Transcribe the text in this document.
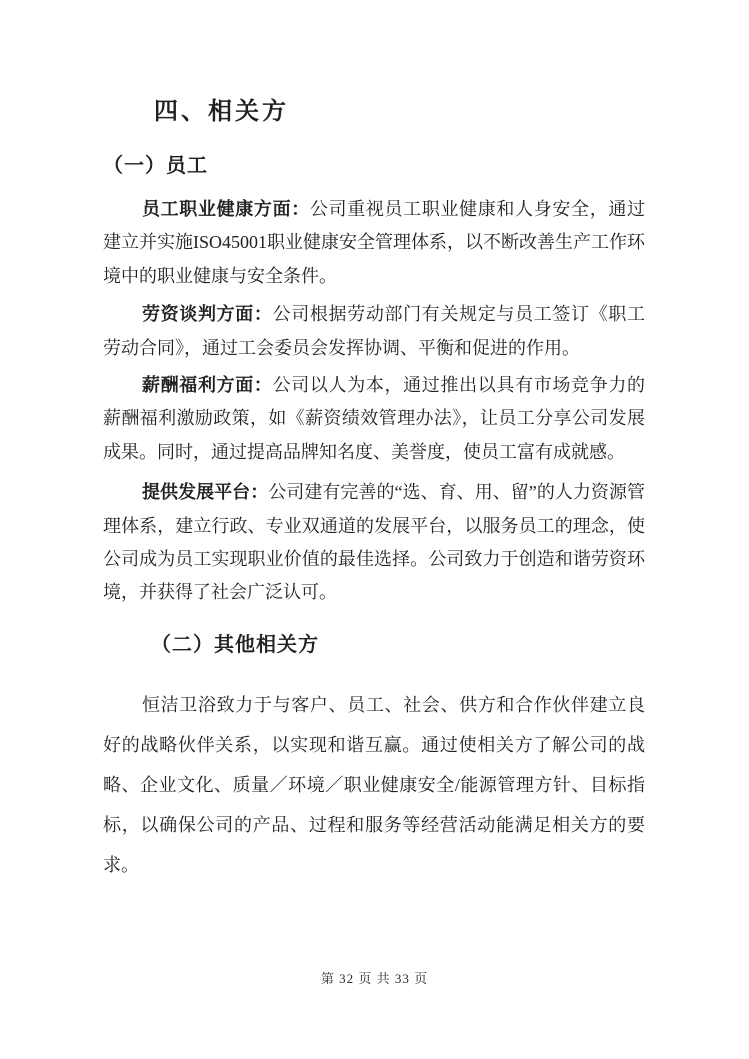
四、相关方
（一）员工

员工职业健康方面：公司重视员工职业健康和人身安全，通过建立并实施ISO45001职业健康安全管理体系，以不断改善生产工作环境中的职业健康与安全条件。

劳资谈判方面：公司根据劳动部门有关规定与员工签订《职工劳动合同》，通过工会委员会发挥协调、平衡和促进的作用。

薪酬福利方面：公司以人为本，通过推出以具有市场竞争力的薪酬福利激励政策，如《薪资绩效管理办法》，让员工分享公司发展成果。同时，通过提高品牌知名度、美誉度，使员工富有成就感。

提供发展平台：公司建有完善的“选、育、用、留”的人力资源管理体系，建立行政、专业双通道的发展平台，以服务员工的理念，使公司成为员工实现职业价值的最佳选择。公司致力于创造和谐劳资环境，并获得了社会广泛认可。

（二）其他相关方

恒洁卫浴致力于与客户、员工、社会、供方和合作伙伴建立良好的战略伙伴关系，以实现和谐互赢。通过使相关方了解公司的战略、企业文化、质量／环境／职业健康安全/能源管理方针、目标指标，以确保公司的产品、过程和服务等经营活动能满足相关方的要求。

第 32 页 共 33 页
